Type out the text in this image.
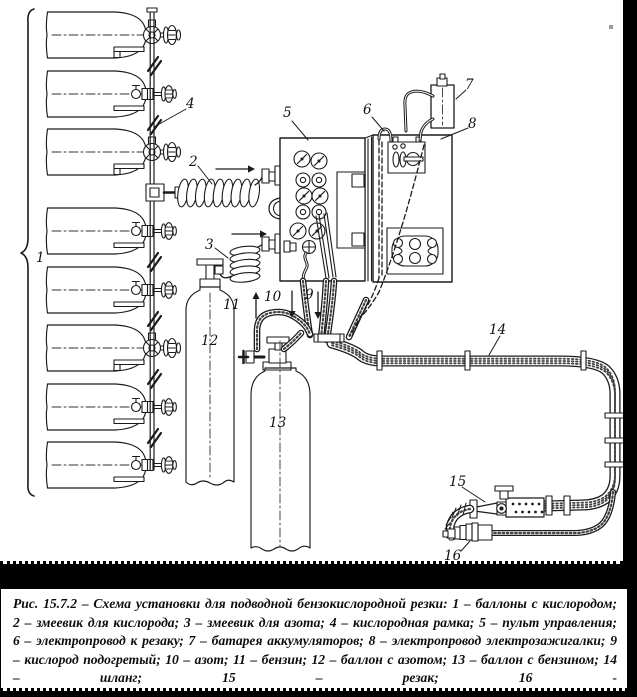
1
2
3
4
5	6
7
8
9
10
11
12
13
14
15
16

Рис. 15.7.2 – Схема установки для подводной бензокислородной резки: 1 – баллоны с кислородом; 2 – змеевик для кислорода; 3 – змеевик для азота; 4 – кислородная рамка; 5 – пульт управления; 6 – электропровод к резаку; 7 – батарея аккумуляторов; 8 – электропровод электрозажигалки; 9 – кислород подогретый; 10 – азот; 11 – бензин; 12 – баллон с азотом; 13 – баллон с бензином; 14 – шланг; 15 – резак; 16 -
